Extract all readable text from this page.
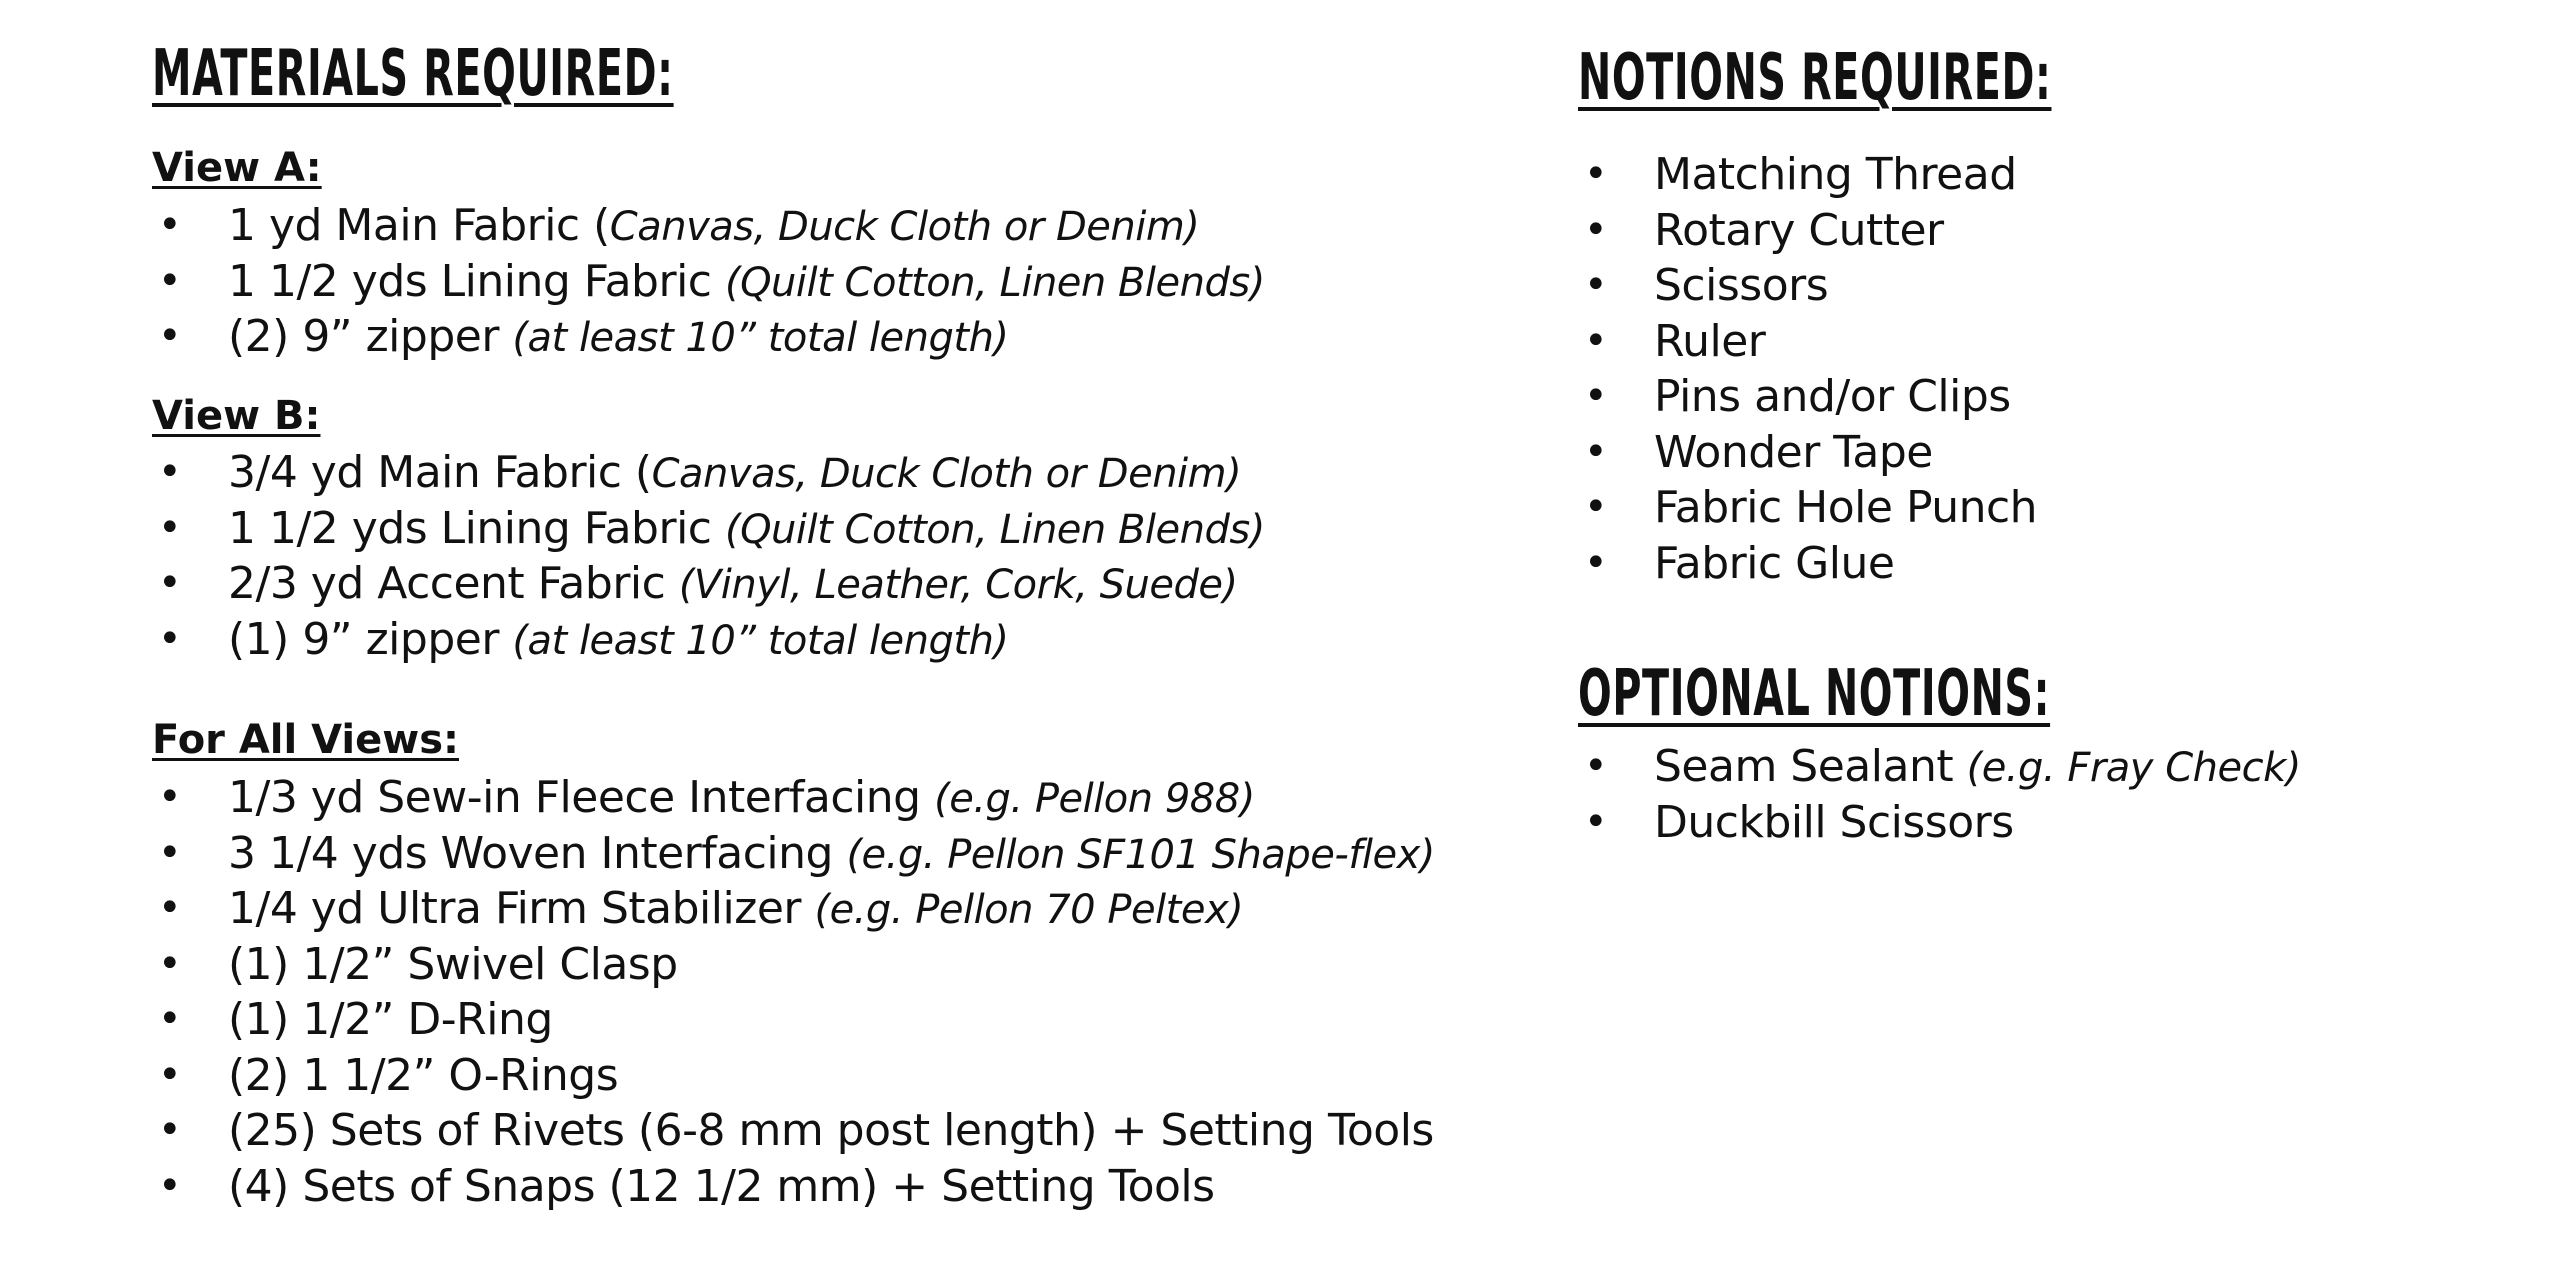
MATERIALS REQUIRED:
View A:
• 1 yd Main Fabric (Canvas, Duck Cloth or Denim)
• 1 1/2 yds Lining Fabric (Quilt Cotton, Linen Blends)
• (2) 9” zipper (at least 10” total length)
View B:
• 3/4 yd Main Fabric (Canvas, Duck Cloth or Denim)
• 1 1/2 yds Lining Fabric (Quilt Cotton, Linen Blends)
• 2/3 yd Accent Fabric (Vinyl, Leather, Cork, Suede)
• (1) 9” zipper (at least 10” total length)
For All Views:
• 1/3 yd Sew-in Fleece Interfacing (e.g. Pellon 988)
• 3 1/4 yds Woven Interfacing (e.g. Pellon SF101 Shape-flex)
• 1/4 yd Ultra Firm Stabilizer (e.g. Pellon 70 Peltex)
• (1) 1/2” Swivel Clasp
• (1) 1/2” D-Ring
• (2) 1 1/2” O-Rings
• (25) Sets of Rivets (6-8 mm post length) + Setting Tools
• (4) Sets of Snaps (12 1/2 mm) + Setting Tools
NOTIONS REQUIRED:
• Matching Thread
• Rotary Cutter
• Scissors
• Ruler
• Pins and/or Clips
• Wonder Tape
• Fabric Hole Punch
• Fabric Glue
OPTIONAL NOTIONS:
• Seam Sealant (e.g. Fray Check)
• Duckbill Scissors
